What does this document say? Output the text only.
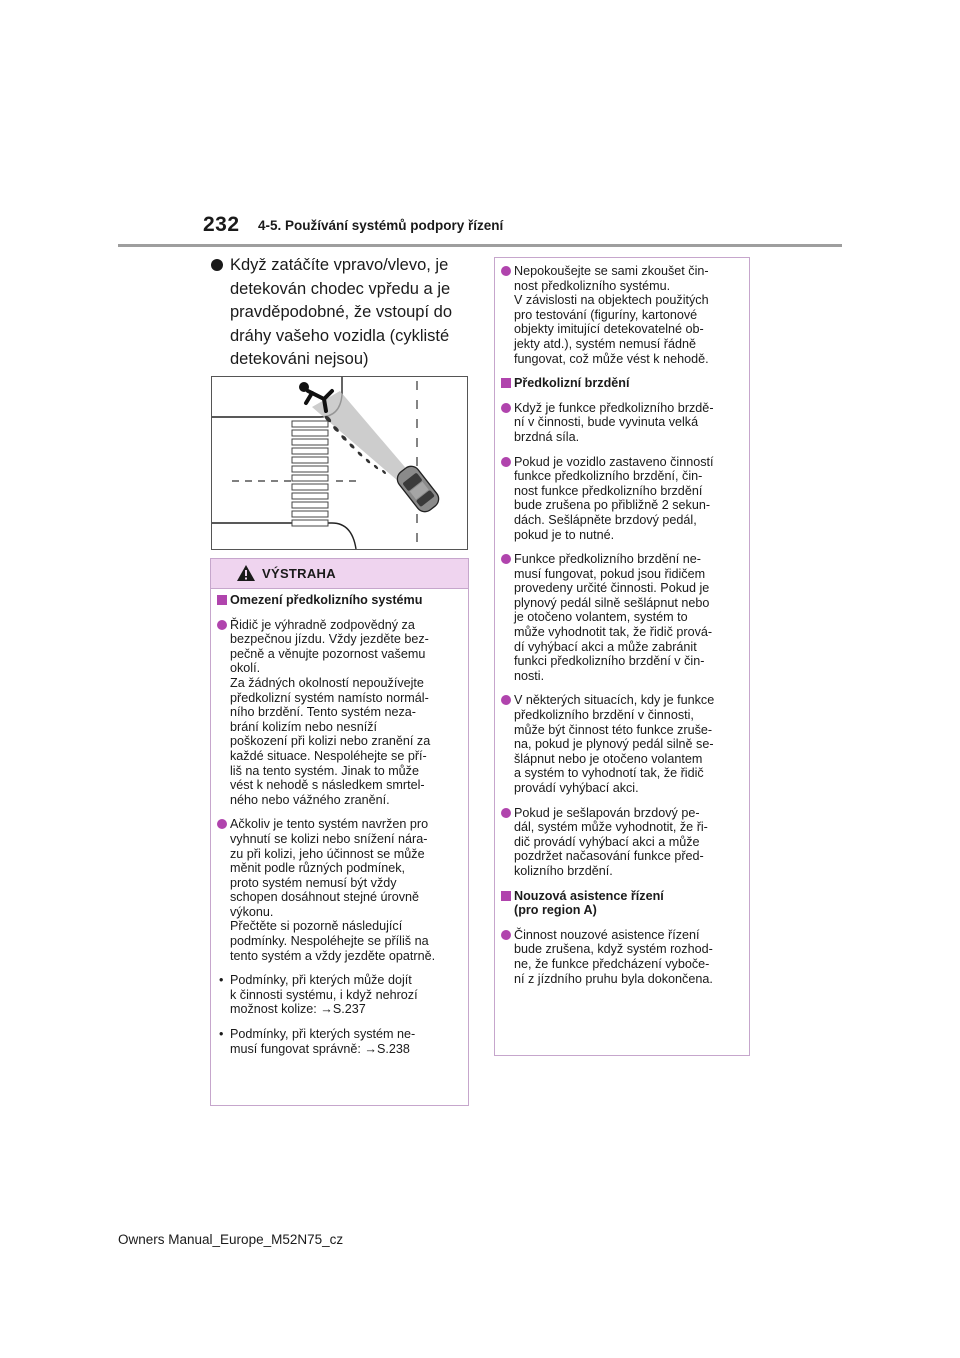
232 4-5. Používání systémů podpory řízení
Když zatáčíte vpravo/vlevo, je detekován chodec vpředu a je pravděpodobné, že vstoupí do dráhy vašeho vozidla (cyklisté detekováni nejsou)
VÝSTRAHA
Omezení předkolizního systému
Řidič je výhradně zodpovědný za
bezpečnou jízdu. Vždy jezděte bez-
pečně a věnujte pozornost vašemu
okolí.
Za žádných okolností nepoužívejte
předkolizní systém namísto normál-
ního brzdění. Tento systém neza-
brání kolizím nebo nesníží
poškození při kolizi nebo zranění za
každé situace. Nespoléhejte se pří-
liš na tento systém. Jinak to může
vést k nehodě s následkem smrtel-
ného nebo vážného zranění.
Ačkoliv je tento systém navržen pro
vyhnutí se kolizi nebo snížení nára-
zu při kolizi, jeho účinnost se může
měnit podle různých podmínek,
proto systém nemusí být vždy
schopen dosáhnout stejné úrovně
výkonu.
Přečtěte si pozorně následující
podmínky. Nespoléhejte se příliš na
tento systém a vždy jezděte opatrně.
• Podmínky, při kterých může dojít
k činnosti systému, i když nehrozí
možnost kolize: →S.237
• Podmínky, při kterých systém ne-
musí fungovat správně: →S.238
Nepokoušejte se sami zkoušet čin-
nost předkolizního systému.
V závislosti na objektech použitých
pro testování (figuríny, kartonové
objekty imitující detekovatelné ob-
jekty atd.), systém nemusí řádně
fungovat, což může vést k nehodě.
Předkolizní brzdění
Když je funkce předkolizního brzdě-
ní v činnosti, bude vyvinuta velká
brzdná síla.
Pokud je vozidlo zastaveno činností
funkce předkolizního brzdění, čin-
nost funkce předkolizního brzdění
bude zrušena po přibližně 2 sekun-
dách. Sešlápněte brzdový pedál,
pokud je to nutné.
Funkce předkolizního brzdění ne-
musí fungovat, pokud jsou řidičem
provedeny určité činnosti. Pokud je
plynový pedál silně sešlápnut nebo
je otočeno volantem, systém to
může vyhodnotit tak, že řidič prová-
dí vyhýbací akci a může zabránit
funkci předkolizního brzdění v čin-
nosti.
V některých situacích, kdy je funkce
předkolizního brzdění v činnosti,
může být činnost této funkce zruše-
na, pokud je plynový pedál silně se-
šlápnut nebo je otočeno volantem
a systém to vyhodnotí tak, že řidič
provádí vyhýbací akci.
Pokud je sešlapován brzdový pe-
dál, systém může vyhodnotit, že ři-
dič provádí vyhýbací akci a může
pozdržet načasování funkce před-
kolizního brzdění.
Nouzová asistence řízení
(pro region A)
Činnost nouzové asistence řízení
bude zrušena, když systém rozhod-
ne, že funkce předcházení vyboče-
ní z jízdního pruhu byla dokončena.
Owners Manual_Europe_M52N75_cz
